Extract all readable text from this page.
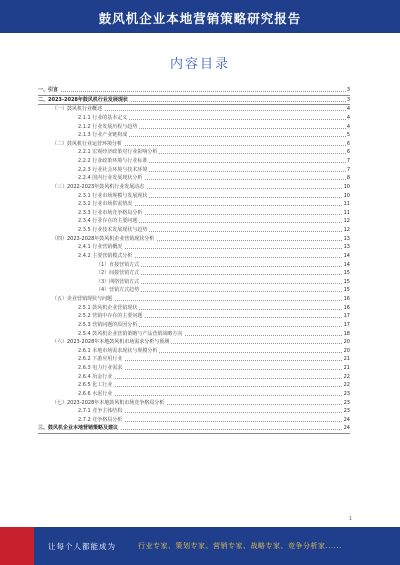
鼓风机企业本地营销策略研究报告
内容目录
一、引言	3
二、2023-2028年鼓风机行业发展现状	3
（一）鼓风机行业概述	4
2.1.1 行业的基本定义	4
2.1.2 行业发展历程与趋势	4
2.1.3 行业产业链构成	5
（二）鼓风机行业运营环境分析	6
2.2.1 宏观经济政策对行业影响分析	6
2.2.2 行业政策环境与行业标准	7
2.2.3 行业社会环境与技术环境	7
2.2.4 国内行业发展现状分析	8
（三）2022-2023年鼓风机行业发展动态	10
2.3.1 行业市场规模与发展现状	10
2.3.2 行业市场供需情况	11
2.3.3 行业市场竞争格局分析	11
2.3.4 行业存在的主要问题	12
2.3.5 行业技术发展现状与趋势	12
（四）2023-2028年鼓风机企业营销现状分析	13
2.4.1 行业营销概况	13
2.4.2 主要营销模式分析	14
（1）直接营销方式	14
（2）间接营销方式	15
（3）网络营销方式	15
（4）营销方式趋势	15
（五）企业营销现状与问题	16
2.5.1 鼓风机企业营销现状	16
2.5.2 营销中存在的主要问题	17
2.5.3 营销问题的原因分析	17
2.5.4 鼓风机企业营销策略与产品营销战略方向	18
（六）2023-2028年本地鼓风机市场需求分析与预测	20
2.6.1 本地市场需求现状与规模分析	20
2.6.2 下游应用行业	21
2.6.3 电力行业需求	21
2.6.4 冶金行业	22
2.6.5 化工行业	22
2.6.6 水泥行业	23
（七）2023-2028年本地鼓风机市场竞争格局分析	23
2.7.1 竞争主体结构	23
2.7.2 竞争格局分析	24
三、鼓风机企业本地营销策略及建议	24
1
让每个人都能成为	行业专家、策划专家、营销专家、战略专家、竞争分析家......
